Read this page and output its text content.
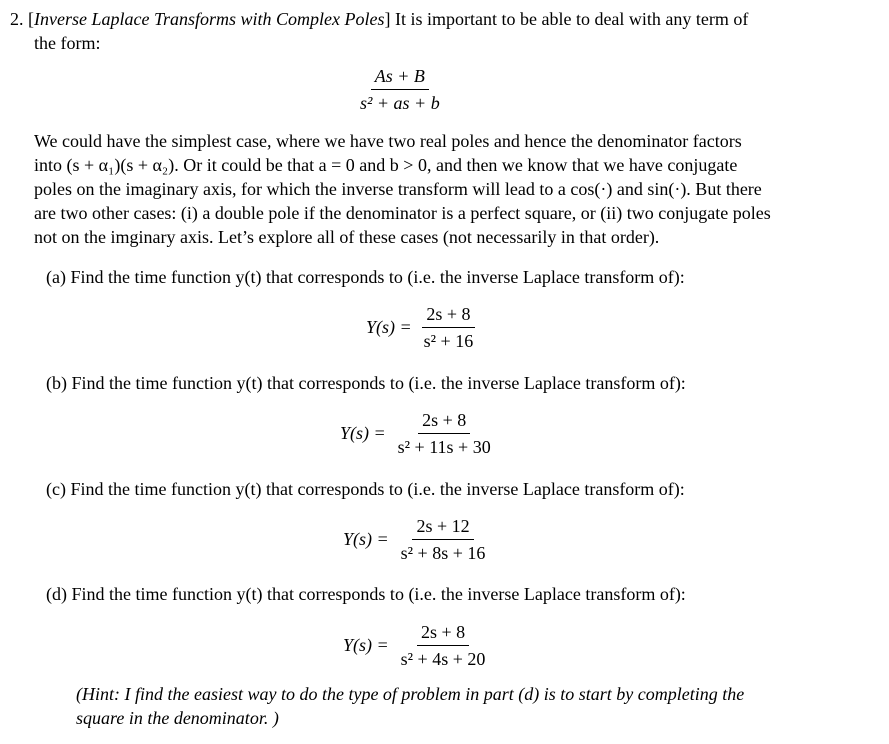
2. [Inverse Laplace Transforms with Complex Poles] It is important to be able to deal with any term of
the form:
$\frac{As + B}{\text{s² + as + b}}$
We could have the simplest case, where we have two real poles and hence the denominator factors
into (s + α₁)(s + α₂). Or it could be that a = 0 and b > 0, and then we know that we have conjugate
poles on the imaginary axis, for which the inverse transform will lead to a cos(·) and sin(·). But there
are two other cases: (i) a double pole if the denominator is a perfect square, or (ii) two conjugate poles
not on the imginary axis. Let’s explore all of these cases (not necessarily in that order).
(a) Find the time function y(t) that corresponds to (i.e. the inverse Laplace transform of):
$Y(s) = \frac{2s + 8}{\text{s² + 16}}$
(b) Find the time function y(t) that corresponds to (i.e. the inverse Laplace transform of):
$Y(s) = \frac{2s + 8}{\text{s² + 11s + 30}}$
(c) Find the time function y(t) that corresponds to (i.e. the inverse Laplace transform of):
$Y(s) = \frac{2s + 12}{\text{s² + 8s + 16}}$
(d) Find the time function y(t) that corresponds to (i.e. the inverse Laplace transform of):
$Y(s) = \frac{2s + 8}{\text{s² + 4s + 20}}$
(Hint: I find the easiest way to do the type of problem in part (d) is to start by completing the
square in the denominator. )
